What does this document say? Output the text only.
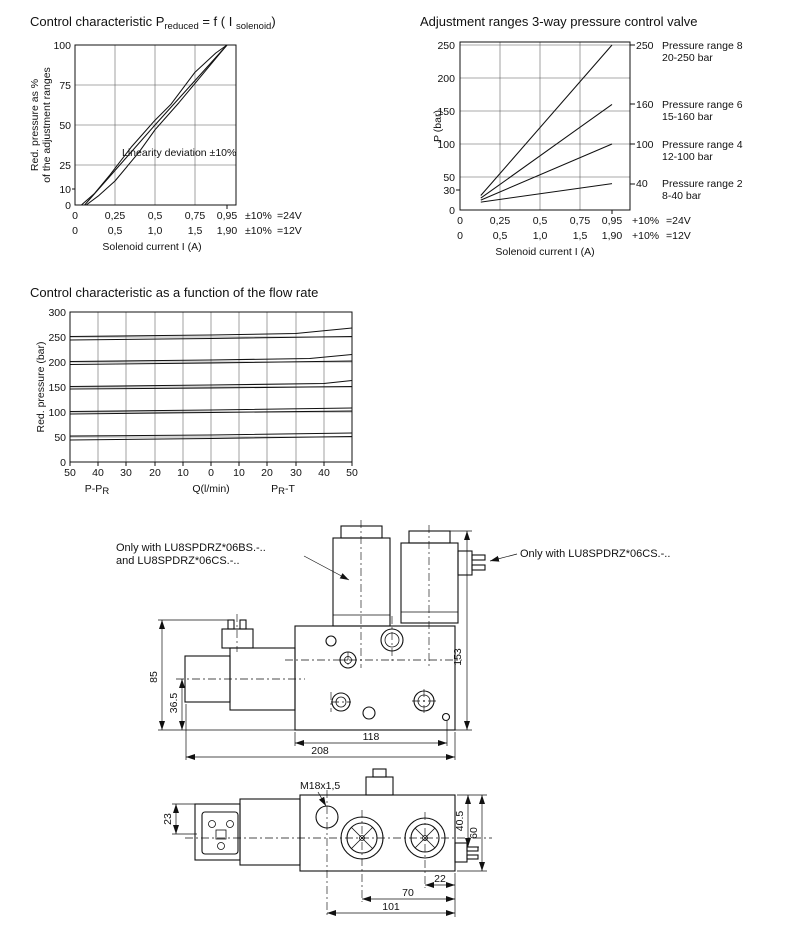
Control characteristic $P_{reduced} = f$ ( I $_{solenoid}$)
100
75
50
25
10
0
Red. pressure as % of the adjustment ranges	Linearity deviation ±10%
0	0,25 0,5 0,75 0,95 ±10% =24V
0	0,5 1,0 1,5 1,90 ±10% =12V
Solenoid current I (A)
Adjustment ranges 3-way pressure control valve
250
200
150
100
50
30
0
P (bar)
250 Pressure range 8
20-250 bar
160 Pressure range 6
15-160 bar
100 Pressure range 4
12-100 bar
40 Pressure range 2
8-40 bar
0	0,25 0,5 0,75 0,95 +10% =24V
0	0,5 1,0 1,5 1,90 +10% =12V
Solenoid current I (A)
Control characteristic as a function of the flow rate
300
250
200
150
100
50
0
Red. pressure (bar)
50 40 30 20 10 0 10 20 30 40 50
P-PR	Q(l/min)	PR-T
Only with LU8SPDRZ*06BS.-..
and LU8SPDRZ*06CS.-..
Only with LU8SPDRZ*06CS.-..
153
85
36.5
118
208
M18x1,5
23	40.5
60
22
70
101
